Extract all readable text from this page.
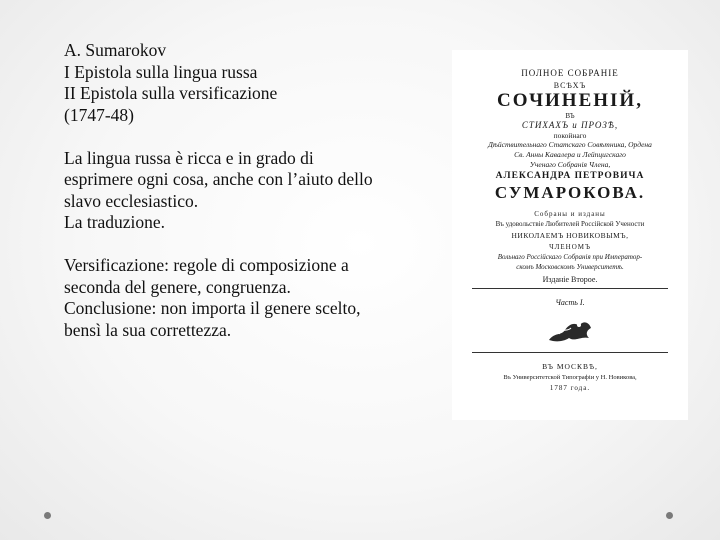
A. Sumarokov
I Epistola sulla lingua russa
II Epistola sulla versificazione
(1747-48)

La lingua russa è ricca e in grado di
esprimere ogni cosa, anche con l’aiuto dello
slavo ecclesiastico.
La traduzione.

Versificazione: regole di composizione a
seconda del genere, congruenza.
Conclusione: non importa il genere scelto,
bensì la sua correttezza.

ПОЛНОЕ СОБРАНІЕ
ВСѢХЪ
СОЧИНЕНІЙ,
ВЪ
СТИХАХЪ и ПРОЗѢ,
покойнаго
Дѣйствительнаго Статскаго Совѣтника, Ордена
Св. Анны Кавалера и Лейпцигскаго
Ученаго Собранія Члена,
АЛЕКСАНДРА ПЕТРОВИЧА
СУМАРОКОВА.
Собраны и изданы
Въ удовольствіе Любителей Россійской Учености
НИКОЛАЕМЪ НОВИКОВЫМЪ,
ЧЛЕНОМЪ
Вольнаго Россійскаго Собранія при Император-
скомъ Московскомъ Университетѣ.
Изданіе Второе.
Часть I.
ВЪ МОСКВѢ,
Въ Университетской Типографіи у Н. Новикова,
1787 года.
